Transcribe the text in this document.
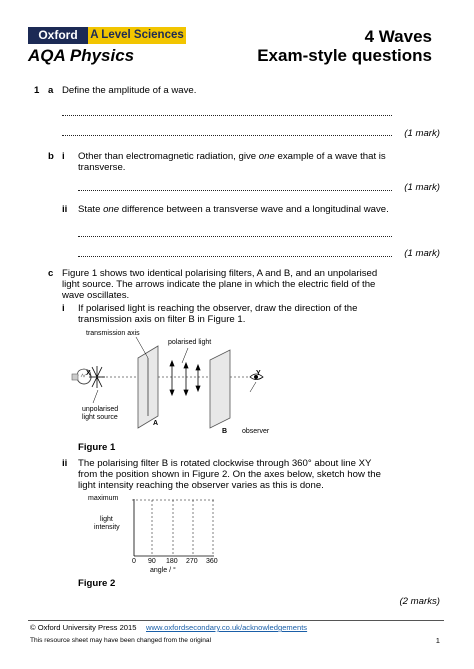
Oxford	A Level Sciences
AQA Physics
4 Waves
Exam-style questions
1 a Define the amplitude of a wave.
(1 mark)
b i Other than electromagnetic radiation, give one example of a wave that is
transverse.
(1 mark)
ii State one difference between a transverse wave and a longitudinal wave.
(1 mark)
c Figure 1 shows two identical polarising filters, A and B, and an unpolarised
light source. The arrows indicate the plane in which the electric field of the
wave oscillates.
i If polarised light is reaching the observer, draw the direction of the
transmission axis on filter B in Figure 1.
transmission axis
polarised light
X	Y
unpolarised
light source
A
B observer
Figure 1
ii The polarising filter B is rotated clockwise through 360° about line XY
from the position shown in Figure 2. On the axes below, sketch how the
light intensity reaching the observer varies as this is done.
maximum
light
intensity
0 90 180 270 360
angle / °
Figure 2
(2 marks)
© Oxford University Press 2015 www.oxfordsecondary.co.uk/acknowledgements
This resource sheet may have been changed from the original	1
